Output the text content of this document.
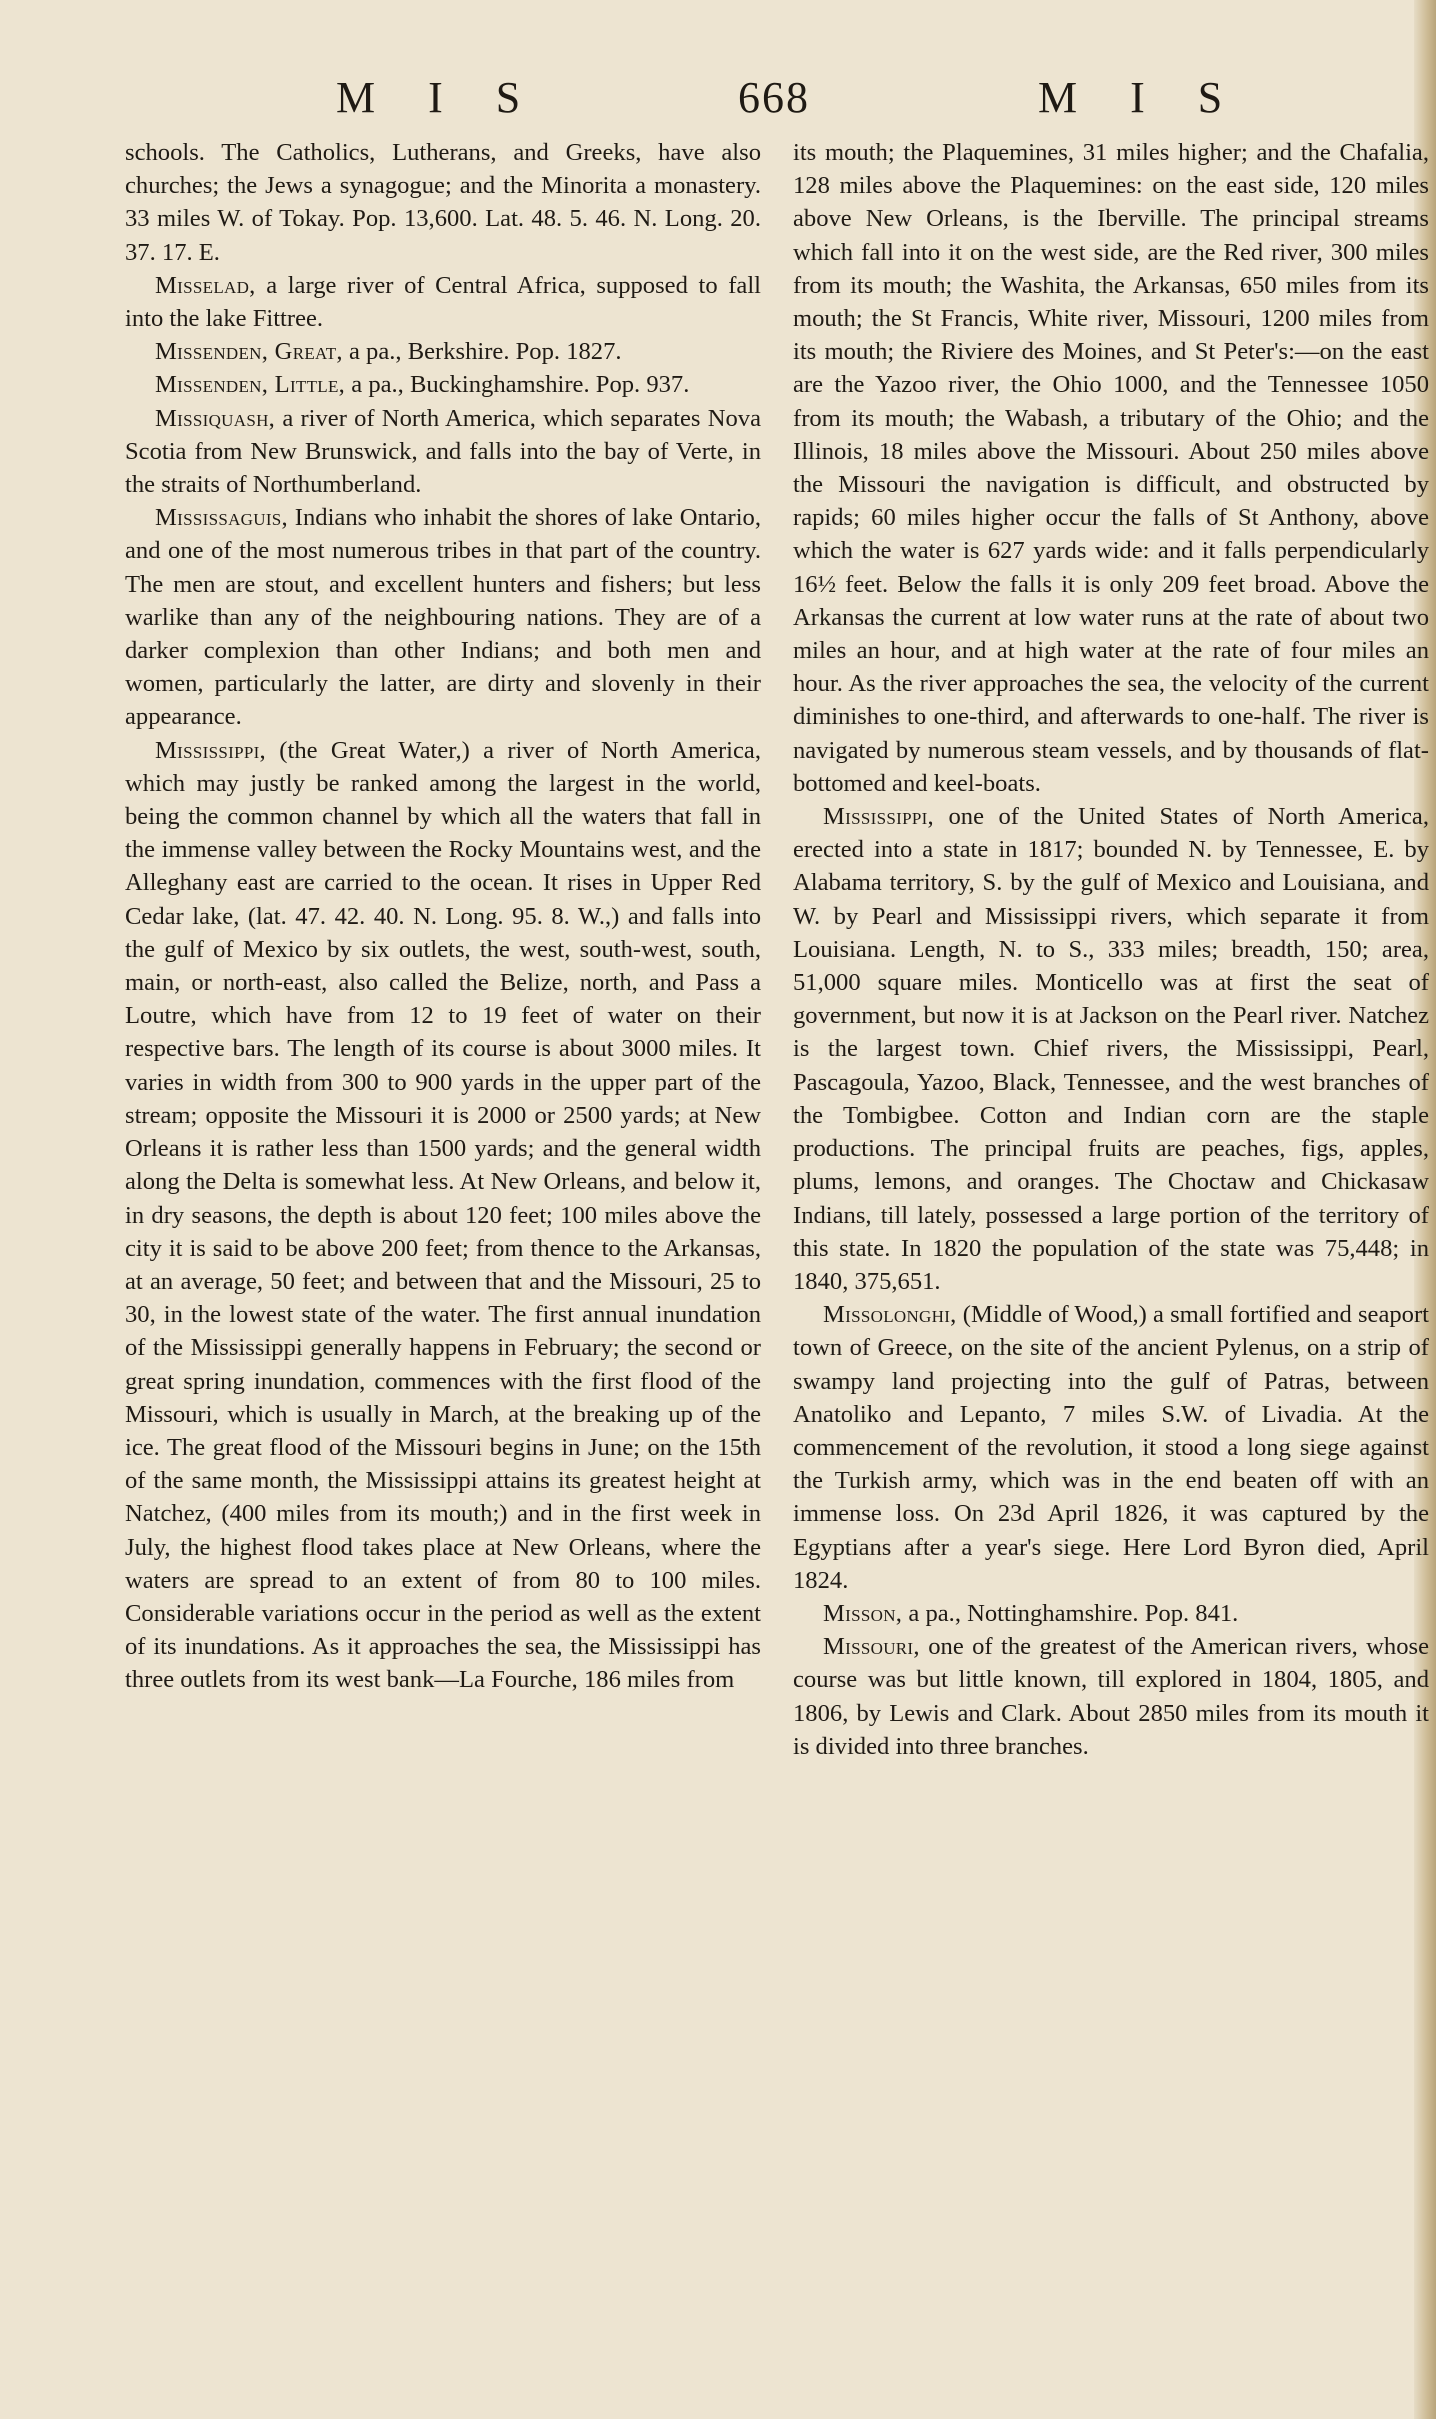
M I S	668	M I S

schools. The Catholics, Lutherans, and Greeks, have also churches; the Jews a synagogue; and the Minorita a monastery. 33 miles W. of Tokay. Pop. 13,600. Lat. 48. 5. 46. N. Long. 20. 37. 17. E.

Misselad, a large river of Central Africa, supposed to fall into the lake Fittree.

Missenden, Great, a pa., Berkshire. Pop. 1827.

Missenden, Little, a pa., Buckinghamshire. Pop. 937.

Missiquash, a river of North America, which separates Nova Scotia from New Brunswick, and falls into the bay of Verte, in the straits of Northumberland.

Mississaguis, Indians who inhabit the shores of lake Ontario, and one of the most numerous tribes in that part of the country. The men are stout, and excellent hunters and fishers; but less warlike than any of the neighbouring nations. They are of a darker complexion than other Indians; and both men and women, particularly the latter, are dirty and slovenly in their appearance.

Mississippi, (the Great Water,) a river of North America, which may justly be ranked among the largest in the world, being the common channel by which all the waters that fall in the immense valley between the Rocky Mountains west, and the Alleghany east are carried to the ocean. It rises in Upper Red Cedar lake, (lat. 47. 42. 40. N. Long. 95. 8. W.,) and falls into the gulf of Mexico by six outlets, the west, south-west, south, main, or north-east, also called the Belize, north, and Pass a Loutre, which have from 12 to 19 feet of water on their respective bars. The length of its course is about 3000 miles. It varies in width from 300 to 900 yards in the upper part of the stream; opposite the Missouri it is 2000 or 2500 yards; at New Orleans it is rather less than 1500 yards; and the general width along the Delta is somewhat less. At New Orleans, and below it, in dry seasons, the depth is about 120 feet; 100 miles above the city it is said to be above 200 feet; from thence to the Arkansas, at an average, 50 feet; and between that and the Missouri, 25 to 30, in the lowest state of the water. The first annual inundation of the Mississippi generally happens in February; the second or great spring inundation, commences with the first flood of the Missouri, which is usually in March, at the breaking up of the ice. The great flood of the Missouri begins in June; on the 15th of the same month, the Mississippi attains its greatest height at Natchez, (400 miles from its mouth;) and in the first week in July, the highest flood takes place at New Orleans, where the waters are spread to an extent of from 80 to 100 miles. Considerable variations occur in the period as well as the extent of its inundations. As it approaches the sea, the Mississippi has three outlets from its west bank—La Fourche, 186 miles from

its mouth; the Plaquemines, 31 miles higher; and the Chafalia, 128 miles above the Plaquemines: on the east side, 120 miles above New Orleans, is the Iberville. The principal streams which fall into it on the west side, are the Red river, 300 miles from its mouth; the Washita, the Arkansas, 650 miles from its mouth; the St Francis, White river, Missouri, 1200 miles from its mouth; the Riviere des Moines, and St Peter's:—on the east are the Yazoo river, the Ohio 1000, and the Tennessee 1050 from its mouth; the Wabash, a tributary of the Ohio; and the Illinois, 18 miles above the Missouri. About 250 miles above the Missouri the navigation is difficult, and obstructed by rapids; 60 miles higher occur the falls of St Anthony, above which the water is 627 yards wide: and it falls perpendicularly 16½ feet. Below the falls it is only 209 feet broad. Above the Arkansas the current at low water runs at the rate of about two miles an hour, and at high water at the rate of four miles an hour. As the river approaches the sea, the velocity of the current diminishes to one-third, and afterwards to one-half. The river is navigated by numerous steam vessels, and by thousands of flat-bottomed and keel-boats.

Mississippi, one of the United States of North America, erected into a state in 1817; bounded N. by Tennessee, E. by Alabama territory, S. by the gulf of Mexico and Louisiana, and W. by Pearl and Mississippi rivers, which separate it from Louisiana. Length, N. to S., 333 miles; breadth, 150; area, 51,000 square miles. Monticello was at first the seat of government, but now it is at Jackson on the Pearl river. Natchez is the largest town. Chief rivers, the Mississippi, Pearl, Pascagoula, Yazoo, Black, Tennessee, and the west branches of the Tombigbee. Cotton and Indian corn are the staple productions. The principal fruits are peaches, figs, apples, plums, lemons, and oranges. The Choctaw and Chickasaw Indians, till lately, possessed a large portion of the territory of this state. In 1820 the population of the state was 75,448; in 1840, 375,651.

Missolonghi, (Middle of Wood,) a small fortified and seaport town of Greece, on the site of the ancient Pylenus, on a strip of swampy land projecting into the gulf of Patras, between Anatoliko and Lepanto, 7 miles S.W. of Livadia. At the commencement of the revolution, it stood a long siege against the Turkish army, which was in the end beaten off with an immense loss. On 23d April 1826, it was captured by the Egyptians after a year's siege. Here Lord Byron died, April 1824.

Misson, a pa., Nottinghamshire. Pop. 841.

Missouri, one of the greatest of the American rivers, whose course was but little known, till explored in 1804, 1805, and 1806, by Lewis and Clark. About 2850 miles from its mouth it is divided into three branches.
